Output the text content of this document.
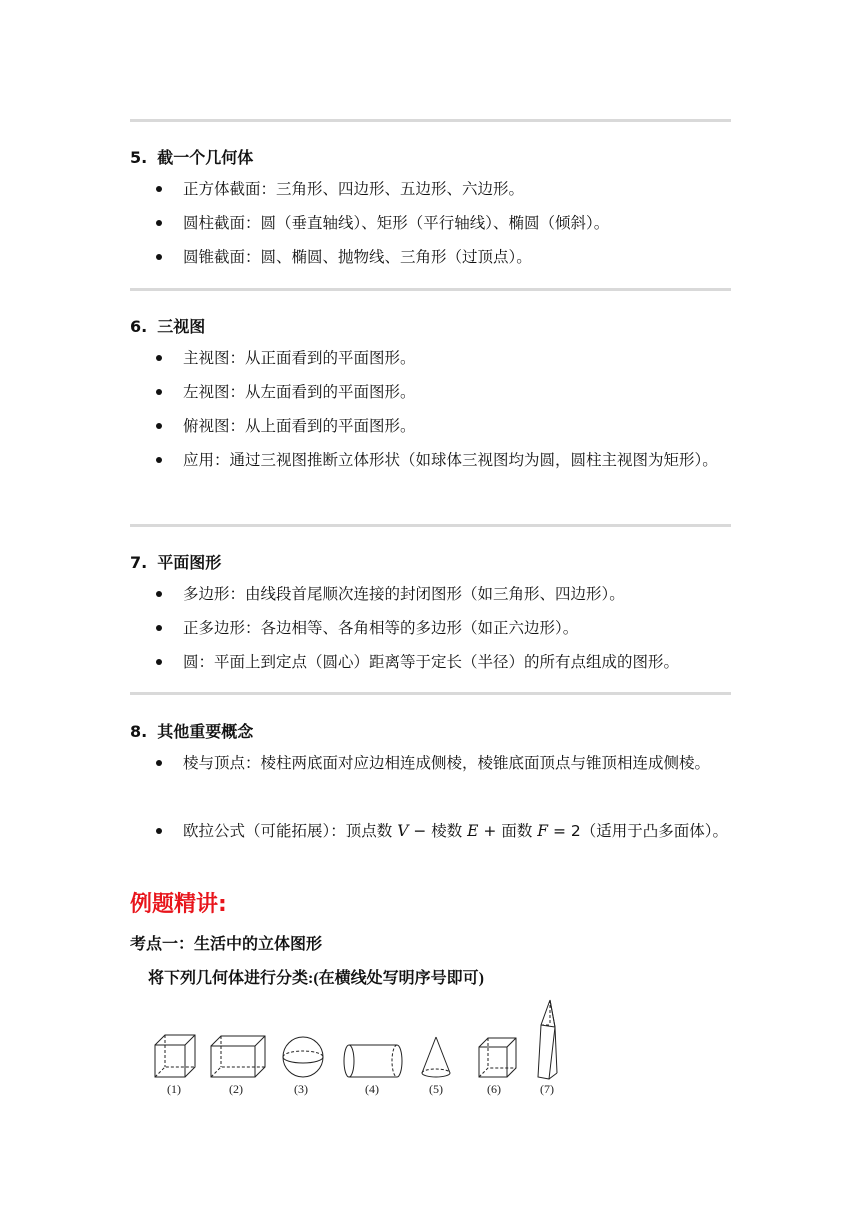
5. 截一个几何体
正方体截面：三角形、四边形、五边形、六边形。
圆柱截面：圆（垂直轴线）、矩形（平行轴线）、椭圆（倾斜）。
圆锥截面：圆、椭圆、抛物线、三角形（过顶点）。
6. 三视图
主视图：从正面看到的平面图形。
左视图：从左面看到的平面图形。
俯视图：从上面看到的平面图形。
应用：通过三视图推断立体形状（如球体三视图均为圆，圆柱主视图为矩形）。
7. 平面图形
多边形：由线段首尾顺次连接的封闭图形（如三角形、四边形）。
正多边形：各边相等、各角相等的多边形（如正六边形）。
圆：平面上到定点（圆心）距离等于定长（半径）的所有点组成的图形。
8. 其他重要概念
棱与顶点：棱柱两底面对应边相连成侧棱，棱锥底面顶点与锥顶相连成侧棱。
欧拉公式（可能拓展）：顶点数 V − 棱数 E + 面数 F = 2（适用于凸多面体）。
例题精讲:
考点一：生活中的立体图形
将下列几何体进行分类:(在横线处写明序号即可)
(1)	(2)	(3)	(4)	(5)	(6)	(7)
